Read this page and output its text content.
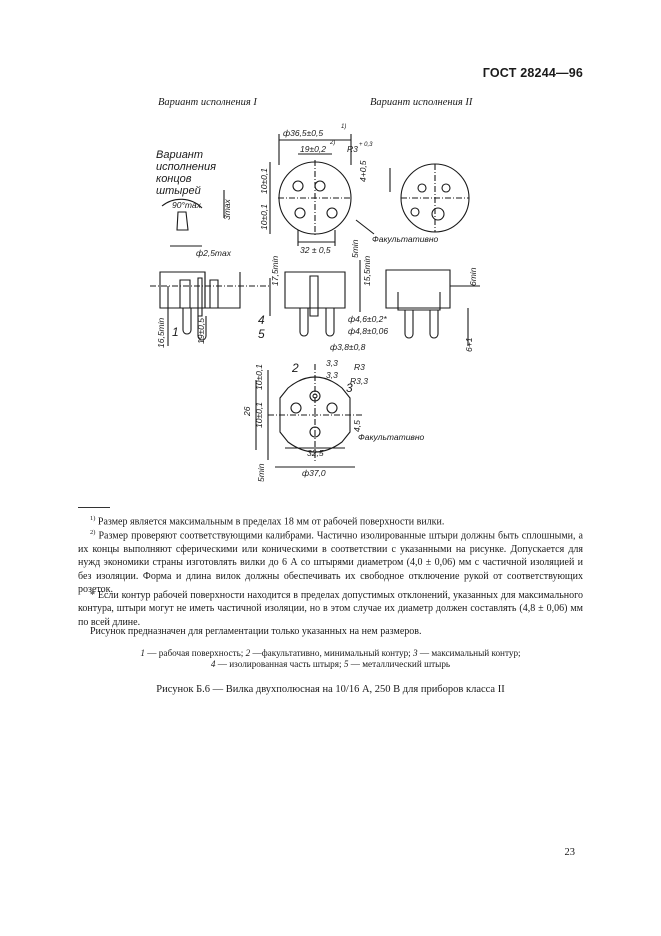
ГОСТ 28244—96
Вариант исполнения I	Вариант исполнения II
ф36,5±0,5
1)
19±0,2
2)
R3 + 0,3
4+0,5
10±0,1
10±0,1
32 ± 0,5 5min
Факультативно
Вариант
исполнения
концов
штырей
90°max 3max
ф2,5max
17,5min	15,5min	6min
16,5min	19±0,5
1
4
5
ф4,6±0,2*
ф4,8±0,06
ф3,8±0,8	6+1
3,3
3,3
R3
R3,3
2
3
26
10±0,1
10±0,1	4,5
Факультативно
32,5
ф37,0
5min

$^{1)}$ Размер является максимальным в пределах 18 мм от рабочей поверхности вилки.

$^{2)}$ Размер проверяют соответствующими калибрами. Частично изолированные штыри должны быть сплошными, а их концы выполняют сферическими или коническими в соответствии с указанными на рисунке. Допускается для нужд экономики страны изготовлять вилки до 6 А со штырями диаметром (4,0 ± 0,06) мм с частичной изоляцией и без изоляции. Форма и длина вилок должны обеспечивать их свободное отключение рукой от соответствующих розеток.

* Если контур рабочей поверхности находится в пределах допустимых отклонений, указанных для максимального контура, штыри могут не иметь частичной изоляции, но в этом случае их диаметр должен составлять (4,8 ± 0,06) мм по всей длине.

Рисунок предназначен для регламентации только указанных на нем размеров.

1 — рабочая поверхность; 2 —факультативно, минимальный контур; 3 — максимальный контур;
4 — изолированная часть штыря; 5 — металлический штырь
Рисунок Б.6 — Вилка двухполюсная на 10/16 А, 250 В для приборов класса II
23
